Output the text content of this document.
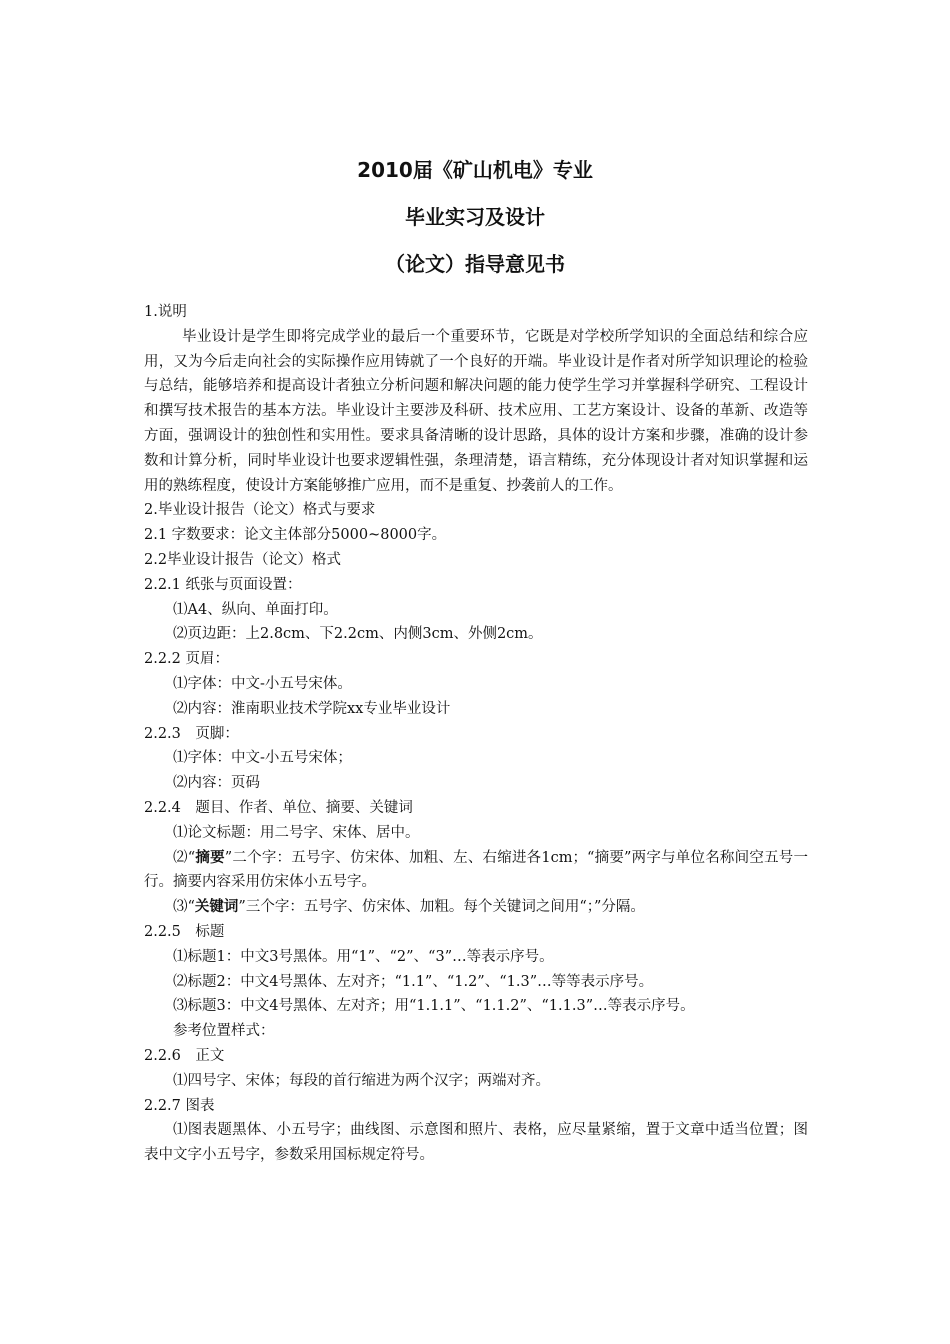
2010届《矿山机电》专业

毕业实习及设计

（论文）指导意见书

1.说明

毕业设计是学生即将完成学业的最后一个重要环节，它既是对学校所学知识的全面总结和综合应用，又为今后走向社会的实际操作应用铸就了一个良好的开端。毕业设计是作者对所学知识理论的检验与总结，能够培养和提高设计者独立分析问题和解决问题的能力使学生学习并掌握科学研究、工程设计和撰写技术报告的基本方法。毕业设计主要涉及科研、技术应用、工艺方案设计、设备的革新、改造等方面，强调设计的独创性和实用性。要求具备清晰的设计思路，具体的设计方案和步骤，准确的设计参数和计算分析，同时毕业设计也要求逻辑性强，条理清楚，语言精练，充分体现设计者对知识掌握和运用的熟练程度，使设计方案能够推广应用，而不是重复、抄袭前人的工作。

2.毕业设计报告（论文）格式与要求

2.1 字数要求：论文主体部分5000~8000字。

2.2毕业设计报告（论文）格式

2.2.1 纸张与页面设置：

⑴A4、纵向、单面打印。

⑵页边距：上2.8cm、下2.2cm、内侧3cm、外侧2cm。

2.2.2 页眉：

⑴字体：中文-小五号宋体。

⑵内容：淮南职业技术学院xx专业毕业设计

2.2.3　页脚：

⑴字体：中文-小五号宋体；

⑵内容：页码

2.2.4　题目、作者、单位、摘要、关键词

⑴论文标题：用二号字、宋体、居中。

⑵“摘要”二个字：五号字、仿宋体、加粗、左、右缩进各1cm；“摘要”两字与单位名称间空五号一行。摘要内容采用仿宋体小五号字。

⑶“关键词”三个字：五号字、仿宋体、加粗。每个关键词之间用“；”分隔。

2.2.5　标题

⑴标题1：中文3号黑体。用“1”、“2”、“3”…等表示序号。

⑵标题2：中文4号黑体、左对齐；“1.1”、“1.2”、“1.3”…等等表示序号。

⑶标题3：中文4号黑体、左对齐；用“1.1.1”、“1.1.2”、“1.1.3”…等表示序号。

参考位置样式：

2.2.6　正文

⑴四号字、宋体；每段的首行缩进为两个汉字；两端对齐。

2.2.7 图表

⑴图表题黑体、小五号字；曲线图、示意图和照片、表格，应尽量紧缩，置于文章中适当位置；图表中文字小五号字，参数采用国标规定符号。
